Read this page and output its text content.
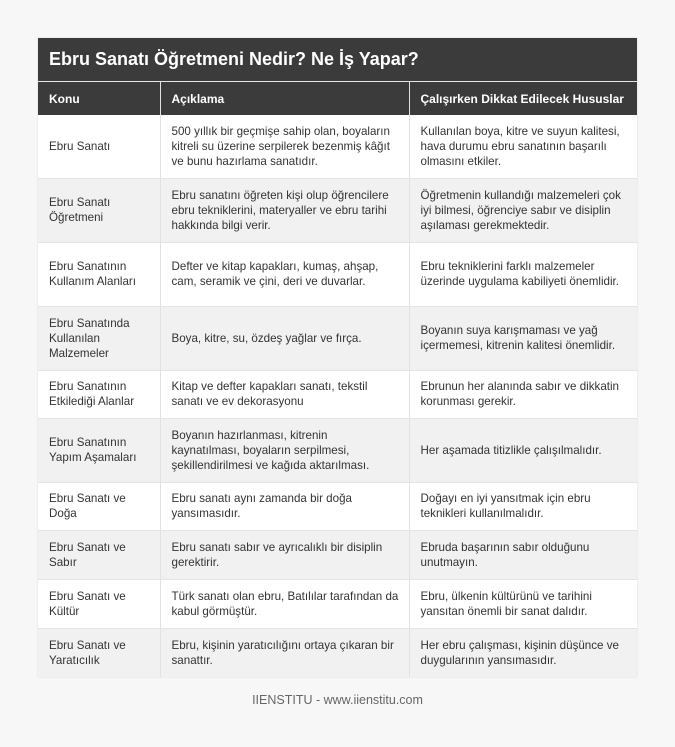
Ebru Sanatı Öğretmeni Nedir? Ne İş Yapar?
Konu	Açıklama	Çalışırken Dikkat Edilecek Hususlar
Ebru Sanatı	500 yıllık bir geçmişe sahip olan, boyaların kitreli su üzerine serpilerek bezenmiş kâğıt ve bunu hazırlama sanatıdır.	Kullanılan boya, kitre ve suyun kalitesi, hava durumu ebru sanatının başarılı olmasını etkiler.
Ebru Sanatı Öğretmeni	Ebru sanatını öğreten kişi olup öğrencilere ebru tekniklerini, materyaller ve ebru tarihi hakkında bilgi verir.	Öğretmenin kullandığı malzemeleri çok iyi bilmesi, öğrenciye sabır ve disiplin aşılaması gerekmektedir.
Ebru Sanatının Kullanım Alanları	Defter ve kitap kapakları, kumaş, ahşap, cam, seramik ve çini, deri ve duvarlar.	Ebru tekniklerini farklı malzemeler üzerinde uygulama kabiliyeti önemlidir.
Ebru Sanatında Kullanılan Malzemeler	Boya, kitre, su, özdeş yağlar ve fırça.	Boyanın suya karışmaması ve yağ içermemesi, kitrenin kalitesi önemlidir.
Ebru Sanatının Etkilediği Alanlar	Kitap ve defter kapakları sanatı, tekstil sanatı ve ev dekorasyonu	Ebrunun her alanında sabır ve dikkatin korunması gerekir.
Ebru Sanatının Yapım Aşamaları	Boyanın hazırlanması, kitrenin kaynatılması, boyaların serpilmesi, şekillendirilmesi ve kağıda aktarılması.	Her aşamada titizlikle çalışılmalıdır.
Ebru Sanatı ve Doğa	Ebru sanatı aynı zamanda bir doğa yansımasıdır.	Doğayı en iyi yansıtmak için ebru teknikleri kullanılmalıdır.
Ebru Sanatı ve Sabır	Ebru sanatı sabır ve ayrıcalıklı bir disiplin gerektirir.	Ebruda başarının sabır olduğunu unutmayın.
Ebru Sanatı ve Kültür	Türk sanatı olan ebru, Batılılar tarafından da kabul görmüştür.	Ebru, ülkenin kültürünü ve tarihini yansıtan önemli bir sanat dalıdır.
Ebru Sanatı ve Yaratıcılık	Ebru, kişinin yaratıcılığını ortaya çıkaran bir sanattır.	Her ebru çalışması, kişinin düşünce ve duygularının yansımasıdır.
IIENSTITU - www.iienstitu.com
